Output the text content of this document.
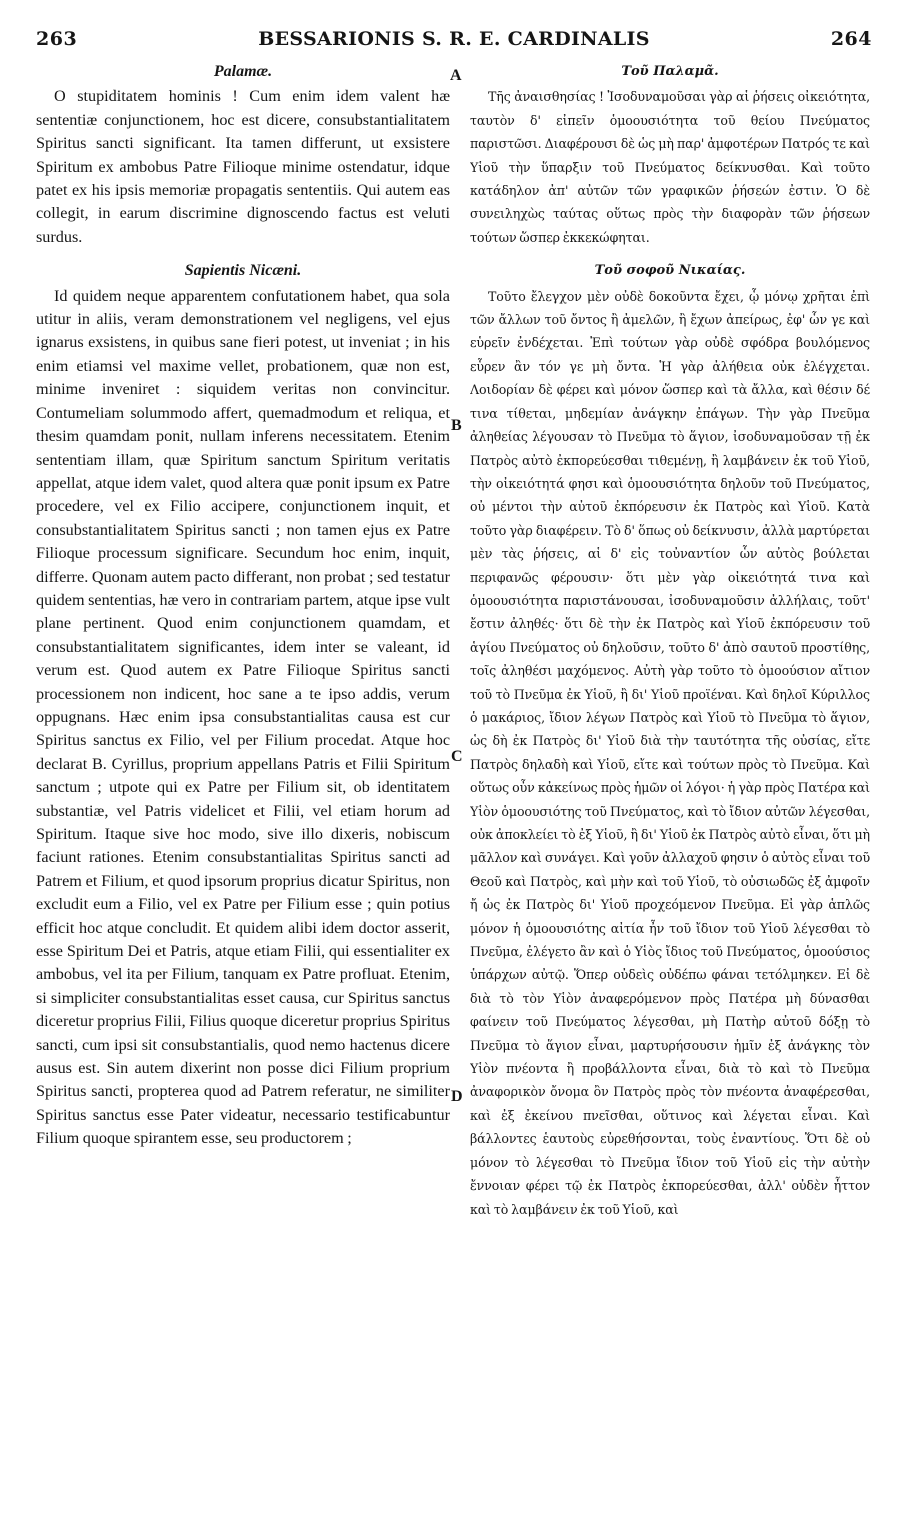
263	BESSARIONIS S. R. E. CARDINALIS	264
Palamæ.

O stupiditatem hominis ! Cum enim idem valent hæ sententiæ conjunctionem, hoc est dicere, consubstantialitatem Spiritus sancti significant. Ita tamen differunt, ut exsistere Spiritum ex ambobus Patre Filioque minime ostendatur, idque patet ex his ipsis memoriæ propagatis sententiis. Qui autem eas collegit, in earum discrimine dignoscendo factus est veluti surdus.

Sapientis Nicæni.

Id quidem neque apparentem confutationem habet, qua sola utitur in aliis, veram demonstrationem vel negligens, vel ejus ignarus exsistens, in quibus sane fieri potest, ut inveniat ; in his enim etiamsi vel maxime vellet, probationem, quæ non est, minime inveniret : siquidem veritas non convincitur. Contumeliam solummodo affert, quemadmodum et reliqua, et thesim quamdam ponit, nullam inferens necessitatem. Etenim sententiam illam, quæ Spiritum sanctum Spiritum veritatis appellat, atque idem valet, quod altera quæ ponit ipsum ex Patre procedere, vel ex Filio accipere, conjunctionem inquit, et consubstantialitatem Spiritus sancti ; non tamen ejus ex Patre Filioque processum significare. Secundum hoc enim, inquit, differre. Quonam autem pacto differant, non probat ; sed testatur quidem sententias, hæ vero in contrariam partem, atque ipse vult plane pertinent. Quod enim conjunctionem quamdam, et consubstantialitatem significantes, idem inter se valeant, id verum est. Quod autem ex Patre Filioque Spiritus sancti processionem non indicent, hoc sane a te ipso addis, verum oppugnans. Hæc enim ipsa consubstantialitas causa est cur Spiritus sanctus ex Filio, vel per Filium procedat. Atque hoc declarat B. Cyrillus, proprium appellans Patris et Filii Spiritum sanctum ; utpote qui ex Patre per Filium sit, ob identitatem substantiæ, vel Patris videlicet et Filii, vel etiam horum ad Spiritum. Itaque sive hoc modo, sive illo dixeris, nobiscum faciunt rationes. Etenim consubstantialitas Spiritus sancti ad Patrem et Filium, et quod ipsorum proprius dicatur Spiritus, non excludit eum a Filio, vel ex Patre per Filium esse ; quin potius efficit hoc atque concludit. Et quidem alibi idem doctor asserit, esse Spiritum Dei et Patris, atque etiam Filii, qui essentialiter ex ambobus, vel ita per Filium, tanquam ex Patre profluat. Etenim, si simpliciter consubstantialitas esset causa, cur Spiritus sanctus diceretur proprius Filii, Filius quoque diceretur proprius Spiritus sancti, cum ipsi sit consubstantialis, quod nemo hactenus dicere ausus est. Sin autem dixerint non posse dici Filium proprium Spiritus sancti, propterea quod ad Patrem referatur, ne similiter Spiritus sanctus esse Pater videatur, necessario testificabuntur Filium quoque spirantem esse, seu productorem ;

A
B
C
D
Τοῦ Παλαμᾶ.

Τῆς ἀναισθησίας ! Ἰσοδυναμοῦσαι γὰρ αἱ ῥήσεις οἰκειότητα, ταυτὸν δ' εἰπεῖν ὁμοουσιότητα τοῦ θείου Πνεύματος παριστῶσι. Διαφέρουσι δὲ ὡς μὴ παρ' ἀμφοτέρων Πατρός τε καὶ Υἱοῦ τὴν ὕπαρξιν τοῦ Πνεύματος δείκνυσθαι. Καὶ τοῦτο κατάδηλον ἀπ' αὐτῶν τῶν γραφικῶν ῥήσεών ἐστιν. Ὁ δὲ συνειληχὼς ταύτας οὕτως πρὸς τὴν διαφορὰν τῶν ῥήσεων τούτων ὥσπερ ἐκκεκώφηται.

Τοῦ σοφοῦ Νικαίας.

Τοῦτο ἔλεγχον μὲν οὐδὲ δοκοῦντα ἔχει, ᾧ μόνῳ χρῆται ἐπὶ τῶν ἄλλων τοῦ ὄντος ἢ ἀμελῶν, ἢ ἔχων ἀπείρως, ἐφ' ὧν γε καὶ εὑρεῖν ἐνδέχεται. Ἐπὶ τούτων γὰρ οὐδὲ σφόδρα βουλόμενος εὗρεν ἂν τόν γε μὴ ὄντα. Ἡ γὰρ ἀλήθεια οὐκ ἐλέγχεται. Λοιδορίαν δὲ φέρει καὶ μόνον ὥσπερ καὶ τὰ ἄλλα, καὶ θέσιν δέ τινα τίθεται, μηδεμίαν ἀνάγκην ἐπάγων. Τὴν γὰρ Πνεῦμα ἀληθείας λέγουσαν τὸ Πνεῦμα τὸ ἅγιον, ἰσοδυναμοῦσαν τῇ ἐκ Πατρὸς αὐτὸ ἐκπορεύεσθαι τιθεμένῃ, ἢ λαμβάνειν ἐκ τοῦ Υἱοῦ, τὴν οἰκειότητά φησι καὶ ὁμοουσιότητα δηλοῦν τοῦ Πνεύματος, οὐ μέντοι τὴν αὐτοῦ ἐκπόρευσιν ἐκ Πατρὸς καὶ Υἱοῦ. Κατὰ τοῦτο γὰρ διαφέρειν. Τὸ δ' ὅπως οὐ δείκνυσιν, ἀλλὰ μαρτύρεται μὲν τὰς ῥήσεις, αἱ δ' εἰς τοὐναντίον ὧν αὐτὸς βούλεται περιφανῶς φέρουσιν· ὅτι μὲν γὰρ οἰκειότητά τινα καὶ ὁμοουσιότητα παριστάνουσαι, ἰσοδυναμοῦσιν ἀλλήλαις, τοῦτ' ἔστιν ἀληθές· ὅτι δὲ τὴν ἐκ Πατρὸς καὶ Υἱοῦ ἐκπόρευσιν τοῦ ἁγίου Πνεύματος οὐ δηλοῦσιν, τοῦτο δ' ἀπὸ σαυτοῦ προστίθης, τοῖς ἀληθέσι μαχόμενος. Αὐτὴ γὰρ τοῦτο τὸ ὁμοούσιον αἴτιον τοῦ τὸ Πνεῦμα ἐκ Υἱοῦ, ἢ δι' Υἱοῦ προϊέναι. Καὶ δηλοῖ Κύριλλος ὁ μακάριος, ἴδιον λέγων Πατρὸς καὶ Υἱοῦ τὸ Πνεῦμα τὸ ἅγιον, ὡς δὴ ἐκ Πατρὸς δι' Υἱοῦ διὰ τὴν ταυτότητα τῆς οὐσίας, εἴτε Πατρὸς δηλαδὴ καὶ Υἱοῦ, εἴτε καὶ τούτων πρὸς τὸ Πνεῦμα. Καὶ οὕτως οὖν κἀκείνως πρὸς ἡμῶν οἱ λόγοι· ἡ γὰρ πρὸς Πατέρα καὶ Υἱὸν ὁμοουσιότης τοῦ Πνεύματος, καὶ τὸ ἴδιον αὐτῶν λέγεσθαι, οὐκ ἀποκλείει τὸ ἐξ Υἱοῦ, ἢ δι' Υἱοῦ ἐκ Πατρὸς αὐτὸ εἶναι, ὅτι μὴ μᾶλλον καὶ συνάγει. Καὶ γοῦν ἀλλαχοῦ φησιν ὁ αὐτὸς εἶναι τοῦ Θεοῦ καὶ Πατρὸς, καὶ μὴν καὶ τοῦ Υἱοῦ, τὸ οὐσιωδῶς ἐξ ἀμφοῖν ἤ ὡς ἐκ Πατρὸς δι' Υἱοῦ προχεόμενον Πνεῦμα. Εἰ γὰρ ἁπλῶς μόνον ἡ ὁμοουσιότης αἰτία ἦν τοῦ ἴδιον τοῦ Υἱοῦ λέγεσθαι τὸ Πνεῦμα, ἐλέγετο ἂν καὶ ὁ Υἱὸς ἴδιος τοῦ Πνεύματος, ὁμοούσιος ὑπάρχων αὐτῷ. Ὅπερ οὐδεὶς οὐδέπω φάναι τετόλμηκεν. Εἰ δὲ διὰ τὸ τὸν Υἱὸν ἀναφερόμενον πρὸς Πατέρα μὴ δύνασθαι φαίνειν τοῦ Πνεύματος λέγεσθαι, μὴ Πατὴρ αὐτοῦ δόξῃ τὸ Πνεῦμα τὸ ἅγιον εἶναι, μαρτυρήσουσιν ἡμῖν ἐξ ἀνάγκης τὸν Υἱὸν πνέοντα ἢ προβάλλοντα εἶναι, διὰ τὸ καὶ τὸ Πνεῦμα ἀναφορικὸν ὄνομα ὂν Πατρὸς πρὸς τὸν πνέοντα ἀναφέρεσθαι, καὶ ἐξ ἐκείνου πνεῖσθαι, οὕτινος καὶ λέγεται εἶναι. Καὶ βάλλοντες ἑαυτοὺς εὐρεθήσονται, τοὺς ἐναντίους. Ὅτι δὲ οὐ μόνον τὸ λέγεσθαι τὸ Πνεῦμα ἴδιον τοῦ Υἱοῦ εἰς τὴν αὐτὴν ἔννοιαν φέρει τῷ ἐκ Πατρὸς ἐκπορεύεσθαι, ἀλλ' οὐδὲν ἧττον καὶ τὸ λαμβάνειν ἐκ τοῦ Υἱοῦ, καὶ
